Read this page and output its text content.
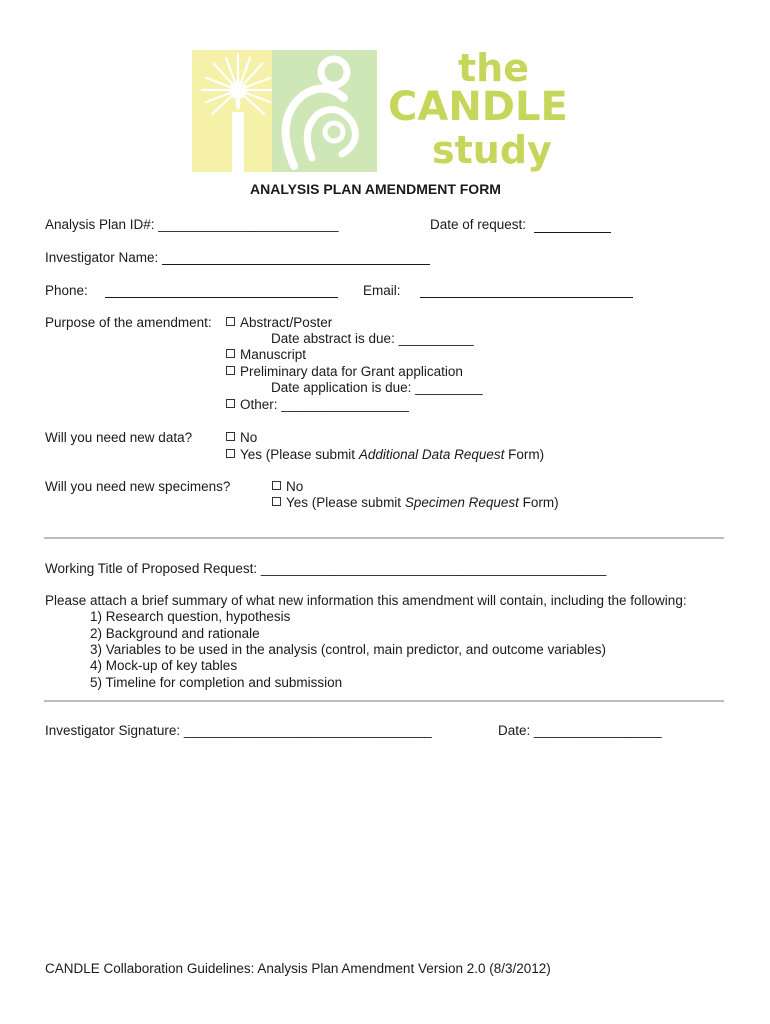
the
CANDLE
study
ANALYSIS PLAN AMENDMENT FORM
Analysis Plan ID#: ________________________	Date of request:
Investigator Name:
Phone:	Email:
Purpose of the amendment:	Abstract/Poster
Date abstract is due: __________
Manuscript
Preliminary data for Grant application
Date application is due: _________
Other: _________________
Will you need new data?	No
Yes (Please submit Additional Data Request Form)
Will you need new specimens?	No
Yes (Please submit Specimen Request Form)
Working Title of Proposed Request: ______________________________________________
Please attach a brief summary of what new information this amendment will contain, including the following:
1) Research question, hypothesis
2) Background and rationale
3) Variables to be used in the analysis (control, main predictor, and outcome variables)
4) Mock-up of key tables
5) Timeline for completion and submission
Investigator Signature: _________________________________	Date: _________________
CANDLE Collaboration Guidelines: Analysis Plan Amendment Version 2.0 (8/3/2012)
